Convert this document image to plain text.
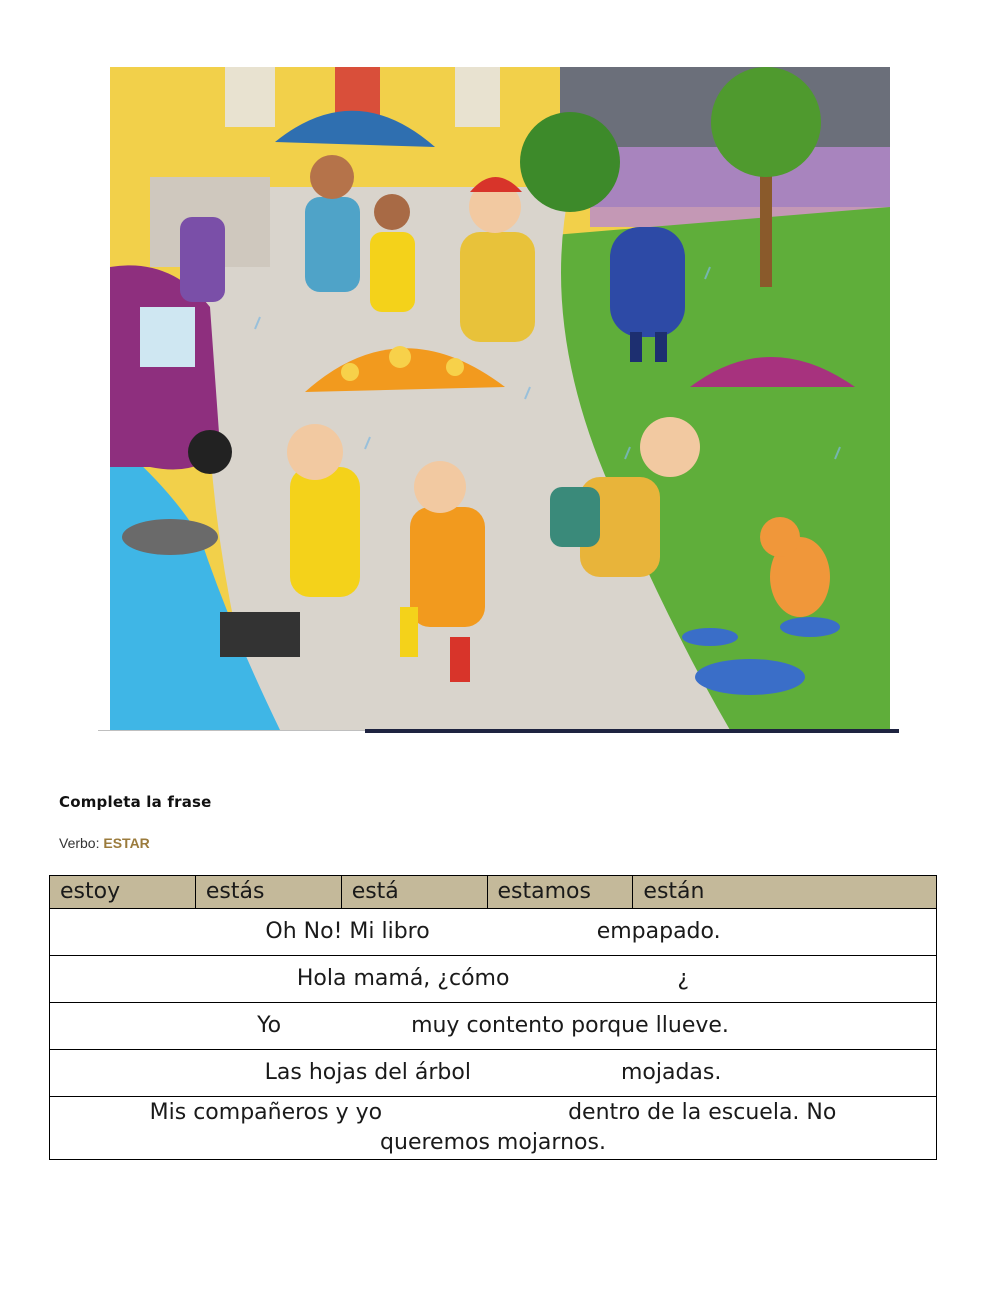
Completa la frase
Verbo: ESTAR
estoy	estás	está	estamos	están
Oh No! Mi libro	empapado.
Hola mamá, ¿cómo	¿
Yo	muy contento porque llueve.
Las hojas del árbol	mojadas.
Mis compañeros y yo	dentro de la escuela. No
queremos mojarnos.
